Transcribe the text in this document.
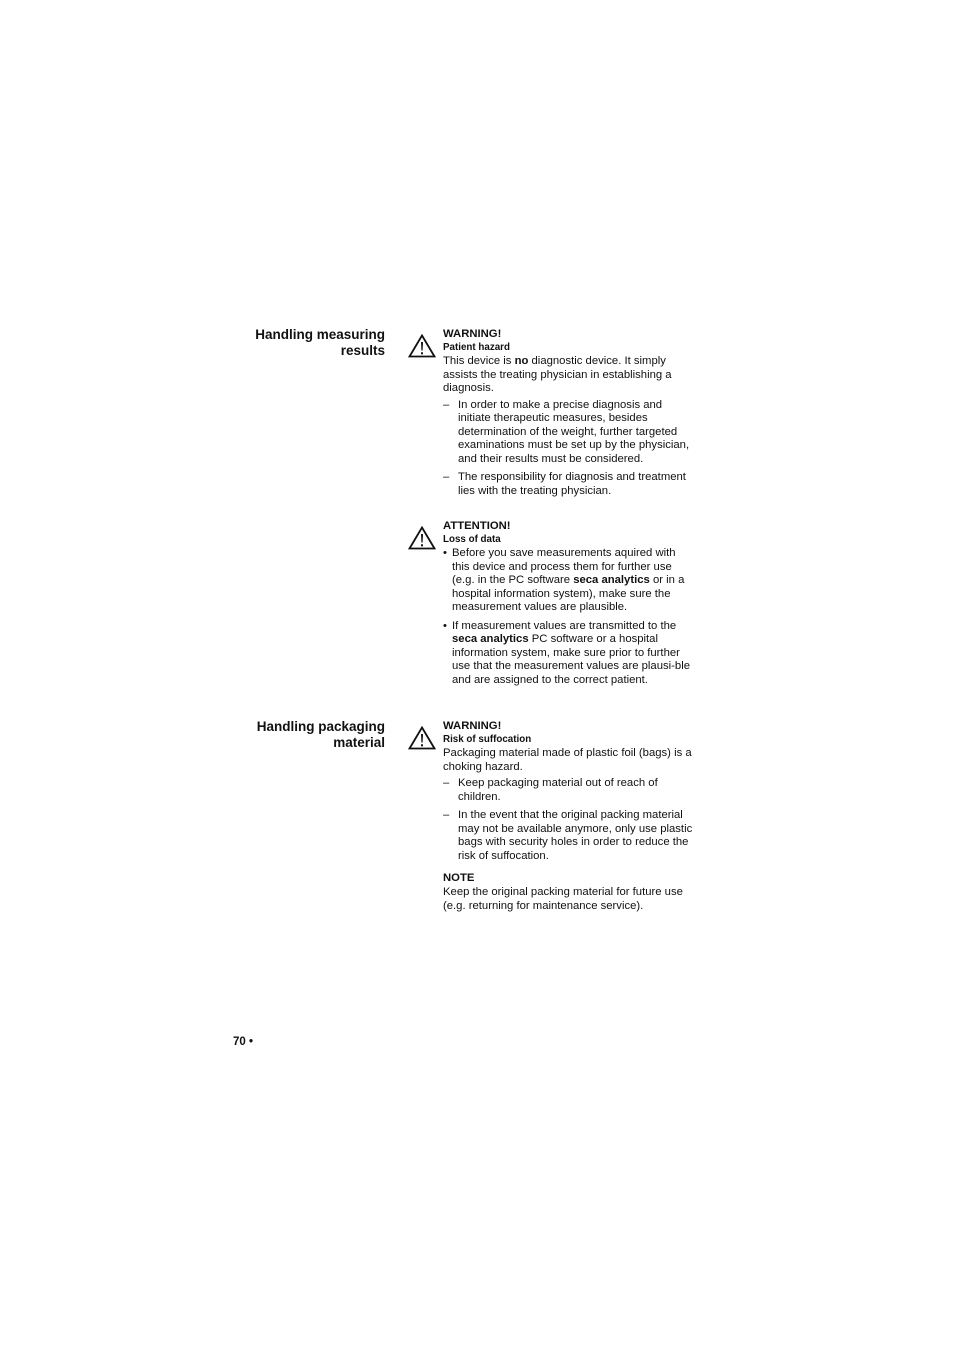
Handling measuring
results
WARNING!
Patient hazard

This device is no diagnostic device. It simply assists the treating physician in establishing a diagnosis.

– In order to make a precise diagnosis and initiate therapeutic measures, besides determination of the weight, further targeted examinations must be set up by the physician, and their results must be considered.
– The responsibility for diagnosis and treatment lies with the treating physician.
ATTENTION!
Loss of data
• Before you save measurements aquired with this device and process them for further use (e.g. in the PC software seca analytics or in a hospital information system), make sure the measurement values are plausible.
• If measurement values are transmitted to the seca analytics PC software or a hospital information system, make sure prior to further use that the measurement values are plausi-ble and are assigned to the correct patient.
Handling packaging
material
WARNING!
Risk of suffocation

Packaging material made of plastic foil (bags) is a choking hazard.

– Keep packaging material out of reach of children.
– In the event that the original packing material may not be available anymore, only use plastic bags with security holes in order to reduce the risk of suffocation.
NOTE

Keep the original packing material for future use (e.g. returning for maintenance service).

70 •
